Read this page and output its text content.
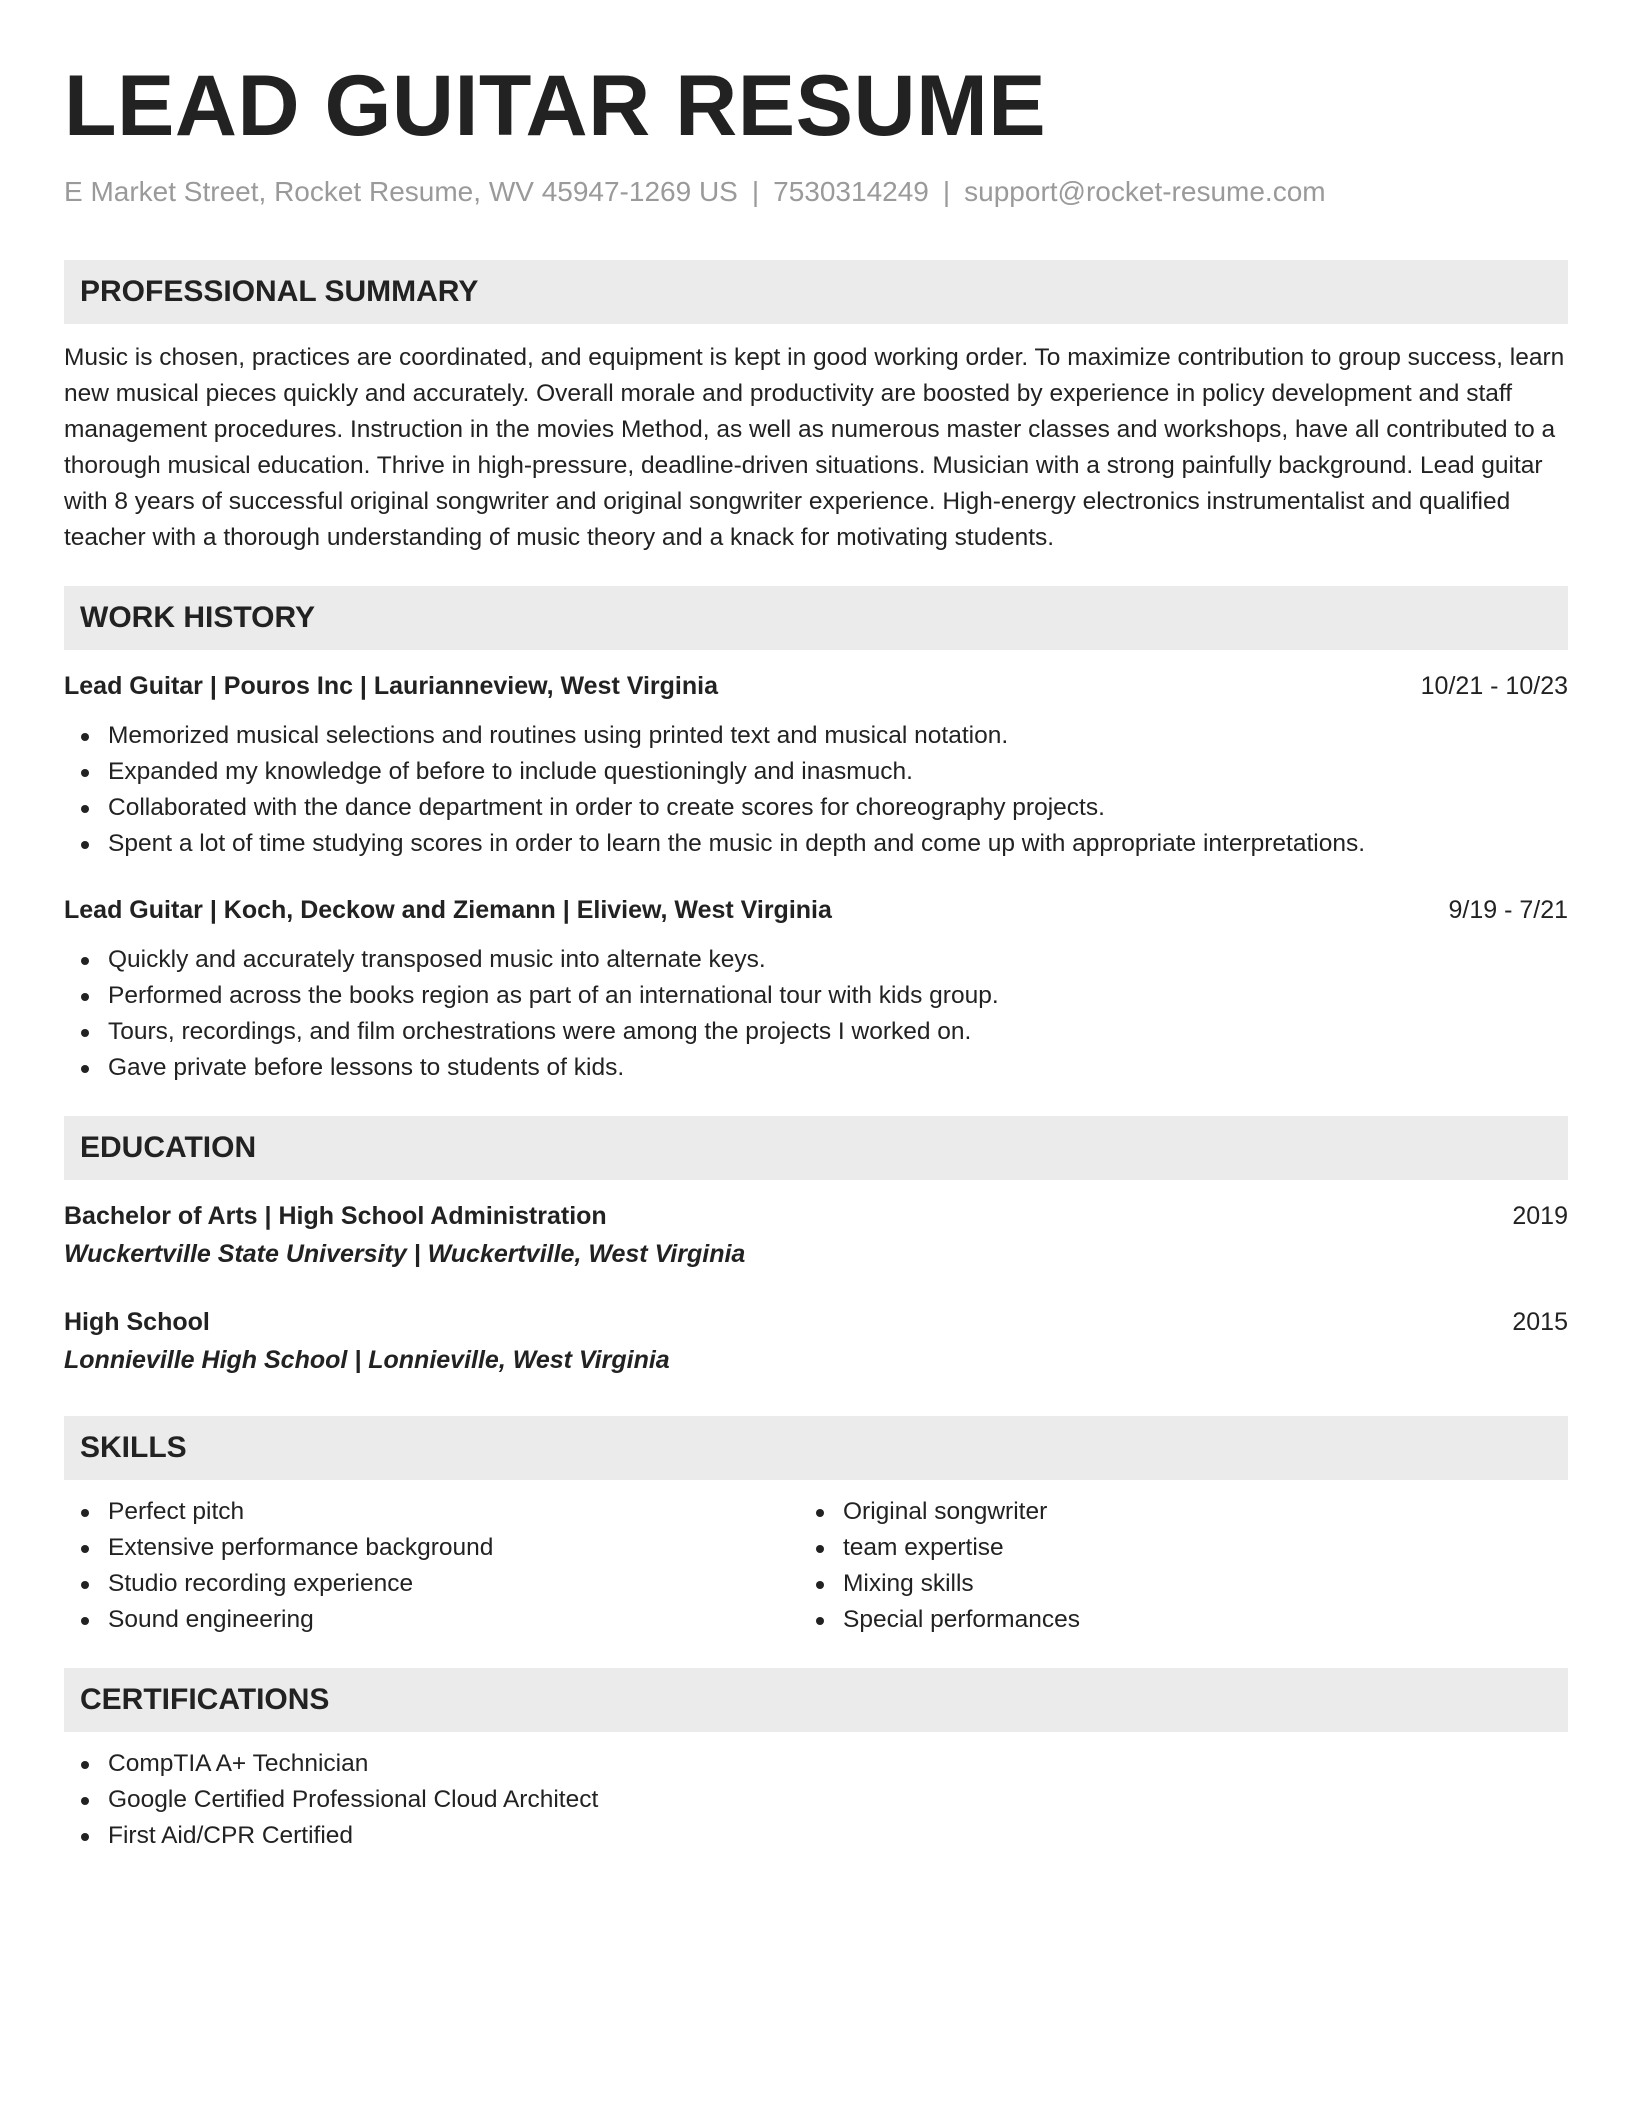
LEAD GUITAR RESUME
E Market Street, Rocket Resume, WV 45947-1269 US | 7530314249 | support@rocket-resume.com
PROFESSIONAL SUMMARY

Music is chosen, practices are coordinated, and equipment is kept in good working order. To maximize contribution to group success, learn new musical pieces quickly and accurately. Overall morale and productivity are boosted by experience in policy development and staff management procedures. Instruction in the movies Method, as well as numerous master classes and workshops, have all contributed to a thorough musical education. Thrive in high-pressure, deadline-driven situations. Musician with a strong painfully background. Lead guitar with 8 years of successful original songwriter and original songwriter experience. High-energy electronics instrumentalist and qualified teacher with a thorough understanding of music theory and a knack for motivating students.

WORK HISTORY
Lead Guitar | Pouros Inc | Laurianneview, West Virginia	10/21 - 10/23
Memorized musical selections and routines using printed text and musical notation.
Expanded my knowledge of before to include questioningly and inasmuch.
Collaborated with the dance department in order to create scores for choreography projects.
Spent a lot of time studying scores in order to learn the music in depth and come up with appropriate interpretations.
Lead Guitar | Koch, Deckow and Ziemann | Eliview, West Virginia	9/19 - 7/21
Quickly and accurately transposed music into alternate keys.
Performed across the books region as part of an international tour with kids group.
Tours, recordings, and film orchestrations were among the projects I worked on.
Gave private before lessons to students of kids.
EDUCATION
Bachelor of Arts | High School Administration	2019
Wuckertville State University | Wuckertville, West Virginia
High School	2015
Lonnieville High School | Lonnieville, West Virginia
SKILLS
Perfect pitch
Extensive performance background
Studio recording experience
Sound engineering
Original songwriter
team expertise
Mixing skills
Special performances
CERTIFICATIONS
CompTIA A+ Technician
Google Certified Professional Cloud Architect
First Aid/CPR Certified
